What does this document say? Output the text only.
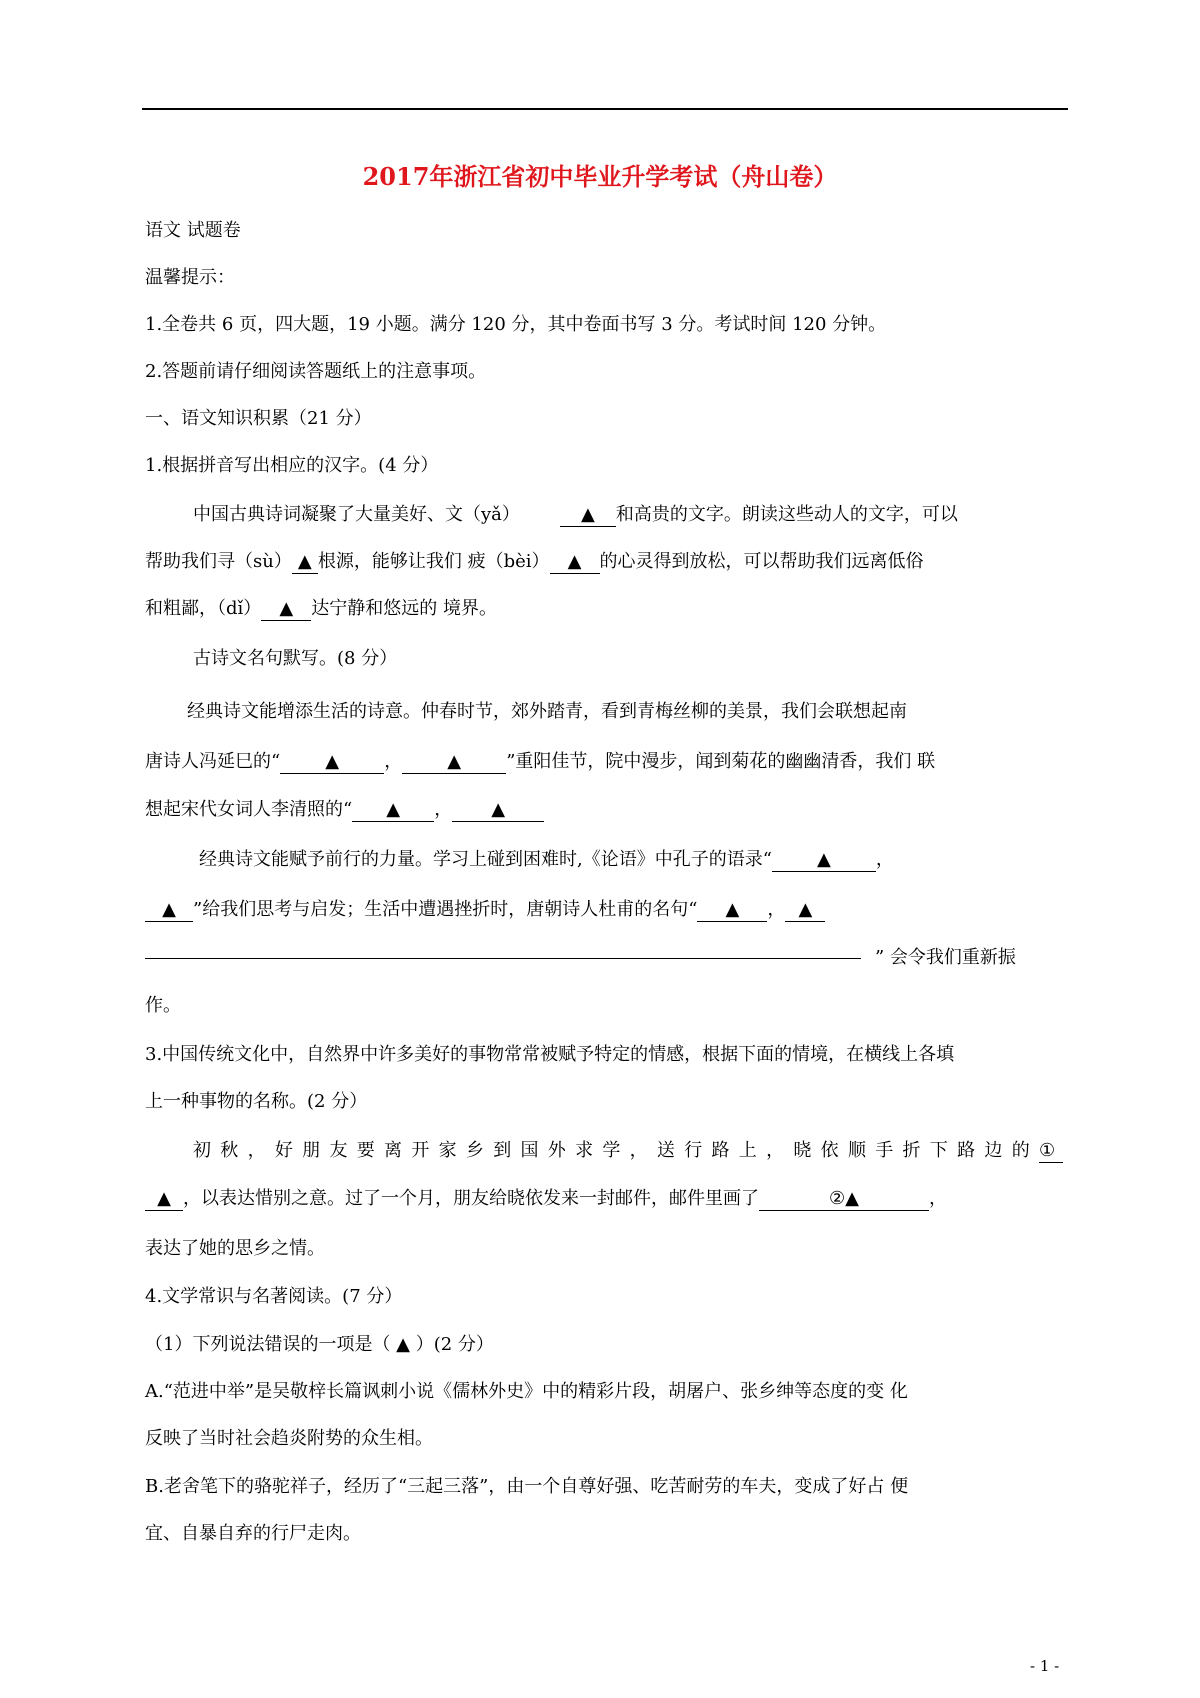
2017年浙江省初中毕业升学考试（舟山卷）
语文 试题卷
温馨提示：
1.全卷共 6 页，四大题，19 小题。满分 120 分，其中卷面书写 3 分。考试时间 120 分钟。
2.答题前请仔细阅读答题纸上的注意事项。
一、语文知识积累（21 分）
1.根据拼音写出相应的汉字。(4 分）
中国古典诗词凝聚了大量美好、文（yǎ）	▲ 和高贵的文字。朗读这些动人的文字，可以
帮助我们寻（sù） ▲ 根源，能够让我们 疲（bèi） ▲ 的心灵得到放松，可以帮助我们远离低俗
和粗鄙，（dǐ） ▲ 达宁静和悠远的 境界。
古诗文名句默写。(8 分）
经典诗文能增添生活的诗意。仲春时节，郊外踏青，看到青梅丝柳的美景，我们会联想起南
唐诗人冯延巳的“	▲	，	▲	”重阳佳节，院中漫步，闻到菊花的幽幽清香，我们 联
想起宋代女词人李清照的“ ▲ ， ▲
经典诗文能赋予前行的力量。学习上碰到困难时,《论语》中孔子的语录“	▲	，
▲ ”给我们思考与启发；生活中遭遇挫折时，唐朝诗人杜甫的名句“ ▲ ， ▲
” 会令我们重新振
作。
3.中国传统文化中，自然界中许多美好的事物常常被赋予特定的情感，根据下面的情境，在横线上各填
上一种事物的名称。(2 分）
初秋，好朋友要离开家乡到国外求学，送行路上，晓依顺手折下路边的①
▲ ，以表达惜别之意。过了一个月，朋友给晓依发来一封邮件，邮件里画了	②▲	，
表达了她的思乡之情。
4.文学常识与名著阅读。(7 分）
（1）下列说法错误的一项是（ ▲ ）(2 分）
A.“范进中举”是吴敬梓长篇讽刺小说《儒林外史》中的精彩片段，胡屠户、张乡绅等态度的变 化
反映了当时社会趋炎附势的众生相。
B.老舍笔下的骆驼祥子，经历了“三起三落”，由一个自尊好强、吃苦耐劳的车夫，变成了好占 便
宜、自暴自弃的行尸走肉。
- 1 -
